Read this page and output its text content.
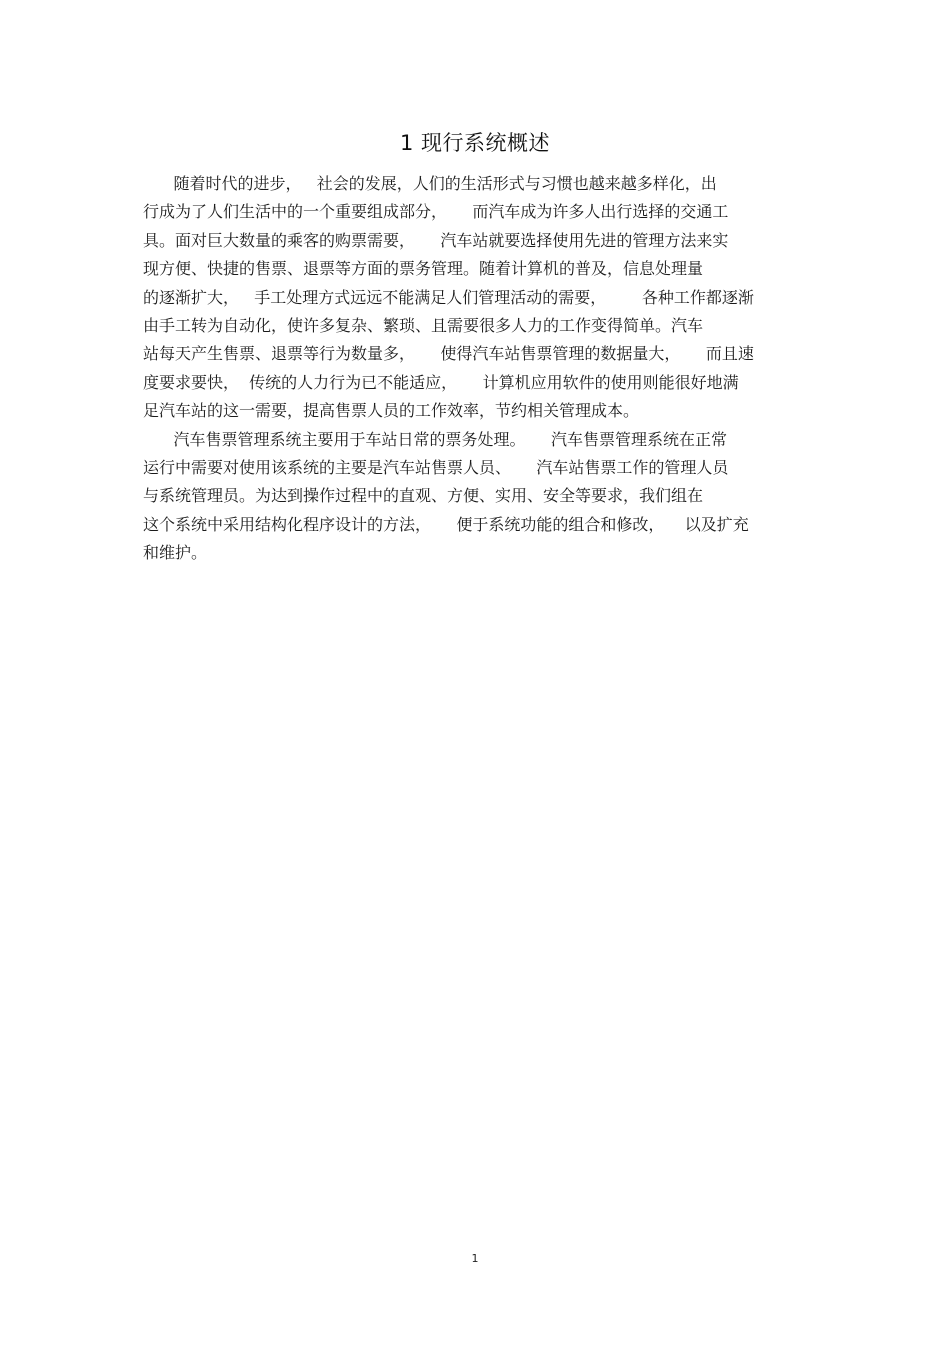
1 现行系统概述
随着时代的进步，   社会的发展，人们的生活形式与习惯也越来越多样化，出
行成为了人们生活中的一个重要组成部分，     而汽车成为许多人出行选择的交通工
具。面对巨大数量的乘客的购票需要，     汽车站就要选择使用先进的管理方法来实
现方便、快捷的售票、退票等方面的票务管理。随着计算机的普及，信息处理量
的逐渐扩大，   手工处理方式远远不能满足人们管理活动的需要，       各种工作都逐渐
由手工转为自动化，使许多复杂、繁琐、且需要很多人力的工作变得简单。汽车
站每天产生售票、退票等行为数量多，     使得汽车站售票管理的数据量大，     而且速
度要求要快，  传统的人力行为已不能适应，     计算机应用软件的使用则能很好地满
足汽车站的这一需要，提高售票人员的工作效率，节约相关管理成本。
汽车售票管理系统主要用于车站日常的票务处理。     汽车售票管理系统在正常
运行中需要对使用该系统的主要是汽车站售票人员、     汽车站售票工作的管理人员
与系统管理员。为达到操作过程中的直观、方便、实用、安全等要求，我们组在
这个系统中采用结构化程序设计的方法，     便于系统功能的组合和修改，    以及扩充
和维护。
1
